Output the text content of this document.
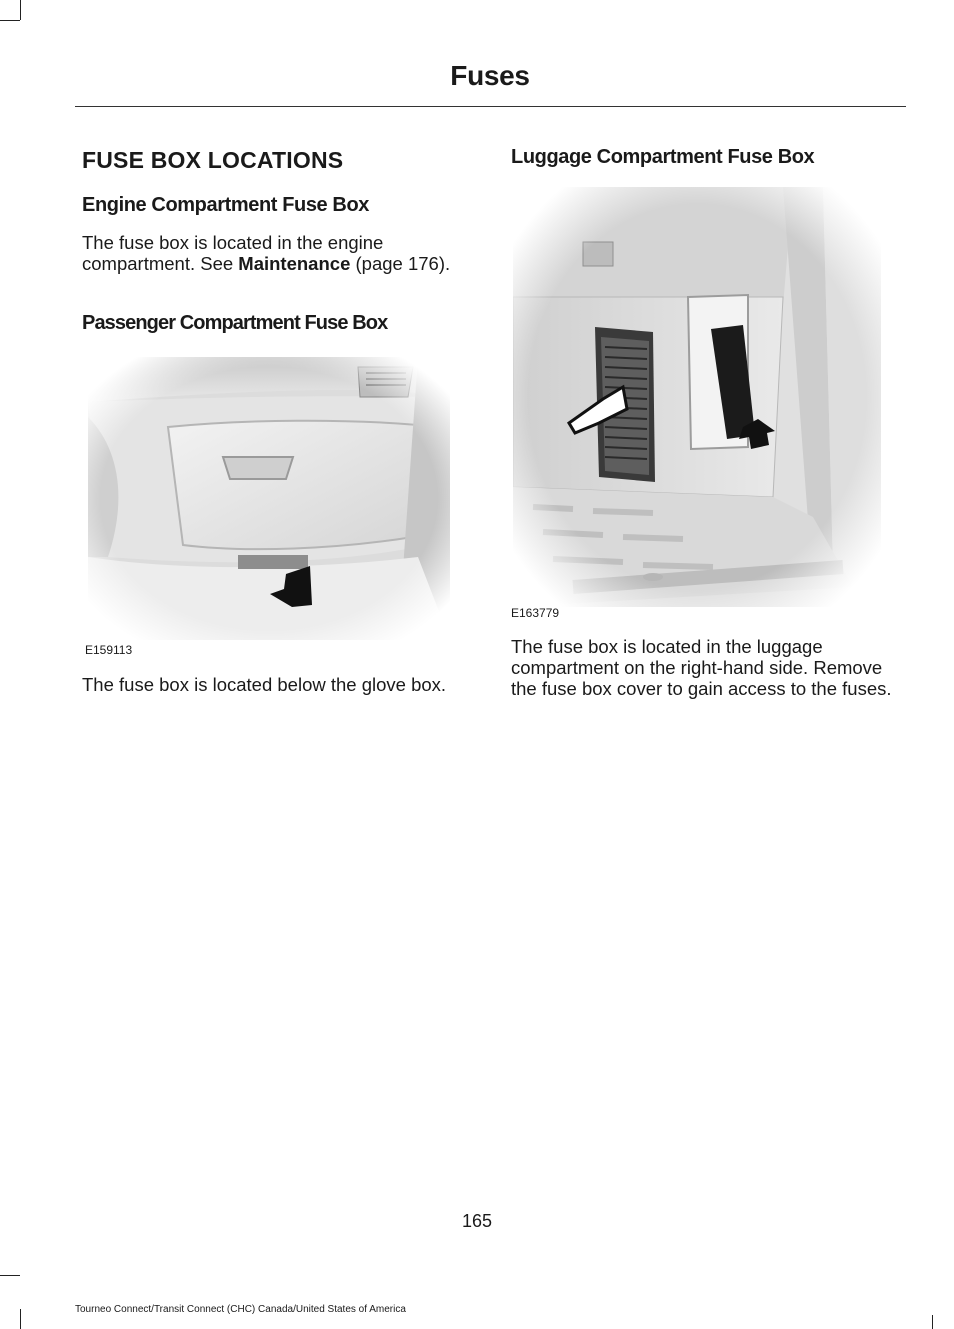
Fuses
FUSE BOX LOCATIONS
Engine Compartment Fuse Box
The fuse box is located in the engine compartment. See Maintenance (page 176).
Passenger Compartment Fuse Box
E159113
The fuse box is located below the glove box.
Luggage Compartment Fuse Box
E163779
The fuse box is located in the luggage compartment on the right-hand side. Remove the fuse box cover to gain access to the fuses.
165
Tourneo Connect/Transit Connect (CHC) Canada/United States of America
